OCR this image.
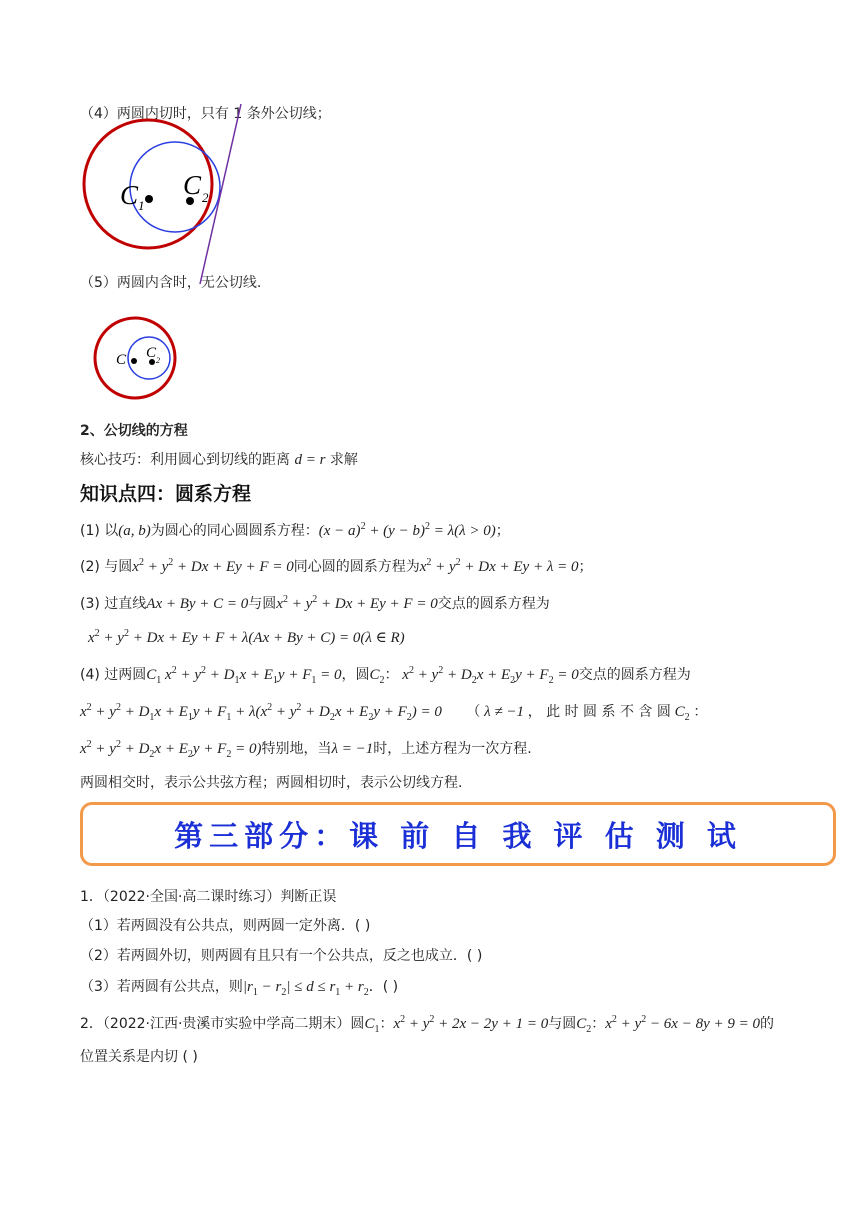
（4）两圆内切时，只有 1 条外公切线；
C 1
C 2
（5）两圆内含时，无公切线.
C C 2
2、公切线的方程
核心技巧：利用圆心到切线的距离 d = r 求解
知识点四：圆系方程
(1) 以(a, b)为圆心的同心圆圆系方程：$(x - a)^2 + (y - b)^2 = \lambda(\lambda > 0)$；
(2) 与圆$x^2 + y^2 + Dx + Ey + F = 0$同心圆的圆系方程为$x^2 + y^2 + Dx + Ey + \lambda = 0$；
(3) 过直线Ax + By + C = 0与圆$x^2 + y^2 + Dx + Ey + F = 0$交点的圆系方程为
$x^2 + y^2 + Dx + Ey + F + \lambda(Ax + By + C) = 0(\lambda$ ∈ R)
(4) 过两圆$C_1$ $x^2 + y^2 + D_1x + E_1y + F_1 = 0$，圆$C_2$： $x^2 + y^2 + D_2x + E_2y + F_2 = 0$交点的圆系方程为
$x^2 + y^2 + D_1x + E_1y + F_1 + \lambda(x^2 + y^2 + D_2x + E_2y + F_2) = 0$ （ λ ≠ −1 ， 此 时 圆 系 不 含 圆 $C_2$ ：
$x^2 + y^2 + D_2x + E_2y + F_2 = 0$)特别地，当λ = −1时，上述方程为一次方程.
两圆相交时，表示公共弦方程；两圆相切时，表示公切线方程.
第三部分：课 前 自 我 评 估 测 试
1．（2022·全国·高二课时练习）判断正误
（1）若两圆没有公共点，则两圆一定外离．( )
（2）若两圆外切，则两圆有且只有一个公共点，反之也成立．( )
（3）若两圆有公共点，则$|r_1 - r_2| \le d \le r_1 + r_2$．( )
2．（2022·江西·贵溪市实验中学高二期末）圆$C_1$：$x^2 + y^2 + 2x - 2y + 1 = 0$与圆$C_2$：$x^2 + y^2 - 6x - 8y + 9 = 0$的
位置关系是内切 ( )
